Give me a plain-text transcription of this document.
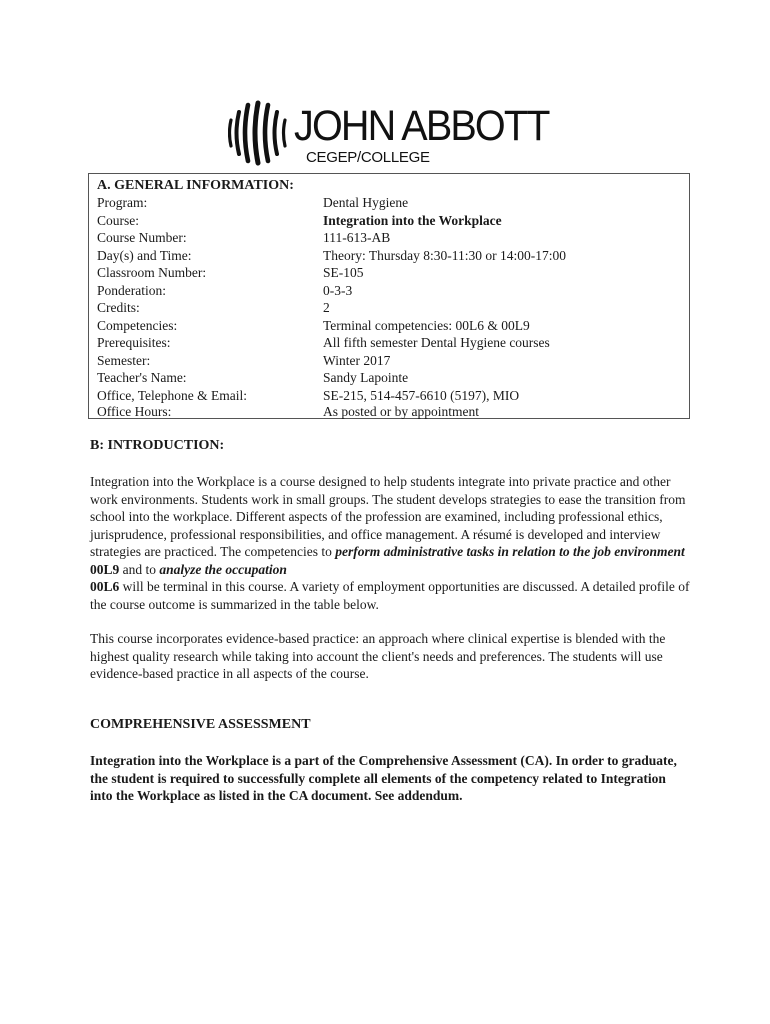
JOHN ABBOTT
CEGEP/COLLEGE
A. GENERAL INFORMATION:
Program:	Dental Hygiene
Course:	Integration into the Workplace
Course Number:	111-613-AB
Day(s) and Time:	Theory: Thursday 8:30-11:30 or 14:00-17:00
Classroom Number:	SE-105
Ponderation:	0-3-3
Credits:	2
Competencies:	Terminal competencies: 00L6 & 00L9
Prerequisites:	All fifth semester Dental Hygiene courses
Semester:	Winter 2017
Teacher's Name:	Sandy Lapointe
Office, Telephone & Email:	SE-215, 514-457-6610 (5197), MIO
Office Hours:	As posted or by appointment
B: INTRODUCTION:

Integration into the Workplace is a course designed to help students integrate into private practice and other work environments. Students work in small groups. The student develops strategies to ease the transition from school into the workplace. Different aspects of the profession are examined, including professional ethics, jurisprudence, professional responsibilities, and office management. A résumé is developed and interview strategies are practiced. The competencies to perform administrative tasks in relation to the job environment 00L9 and to analyze the occupation
00L6 will be terminal in this course. A variety of employment opportunities are discussed. A detailed profile of the course outcome is summarized in the table below.

This course incorporates evidence-based practice: an approach where clinical expertise is blended with the highest quality research while taking into account the client's needs and preferences. The students will use evidence-based practice in all aspects of the course.

COMPREHENSIVE ASSESSMENT

Integration into the Workplace is a part of the Comprehensive Assessment (CA). In order to graduate, the student is required to successfully complete all elements of the competency related to Integration into the Workplace as listed in the CA document. See addendum.
